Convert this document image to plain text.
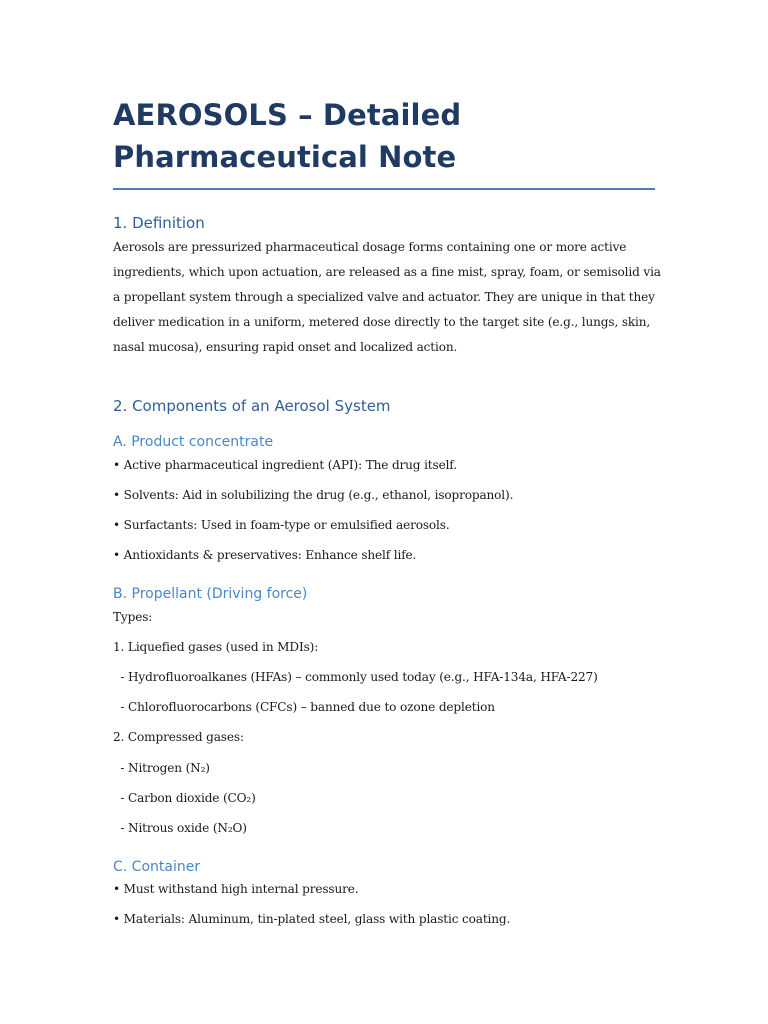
AEROSOLS – Detailed Pharmaceutical Note
1. Definition
Aerosols are pressurized pharmaceutical dosage forms containing one or more active
ingredients, which upon actuation, are released as a fine mist, spray, foam, or semisolid via
a propellant system through a specialized valve and actuator. They are unique in that they
deliver medication in a uniform, metered dose directly to the target site (e.g., lungs, skin,
nasal mucosa), ensuring rapid onset and localized action.
2. Components of an Aerosol System
A. Product concentrate
• Active pharmaceutical ingredient (API): The drug itself.
• Solvents: Aid in solubilizing the drug (e.g., ethanol, isopropanol).
• Surfactants: Used in foam-type or emulsified aerosols.
• Antioxidants & preservatives: Enhance shelf life.
B. Propellant (Driving force)
Types:
1. Liquefied gases (used in MDIs):
- Hydrofluoroalkanes (HFAs) – commonly used today (e.g., HFA-134a, HFA-227)
- Chlorofluorocarbons (CFCs) – banned due to ozone depletion
2. Compressed gases:
- Nitrogen (N₂)
- Carbon dioxide (CO₂)
- Nitrous oxide (N₂O)
C. Container
• Must withstand high internal pressure.
• Materials: Aluminum, tin-plated steel, glass with plastic coating.
